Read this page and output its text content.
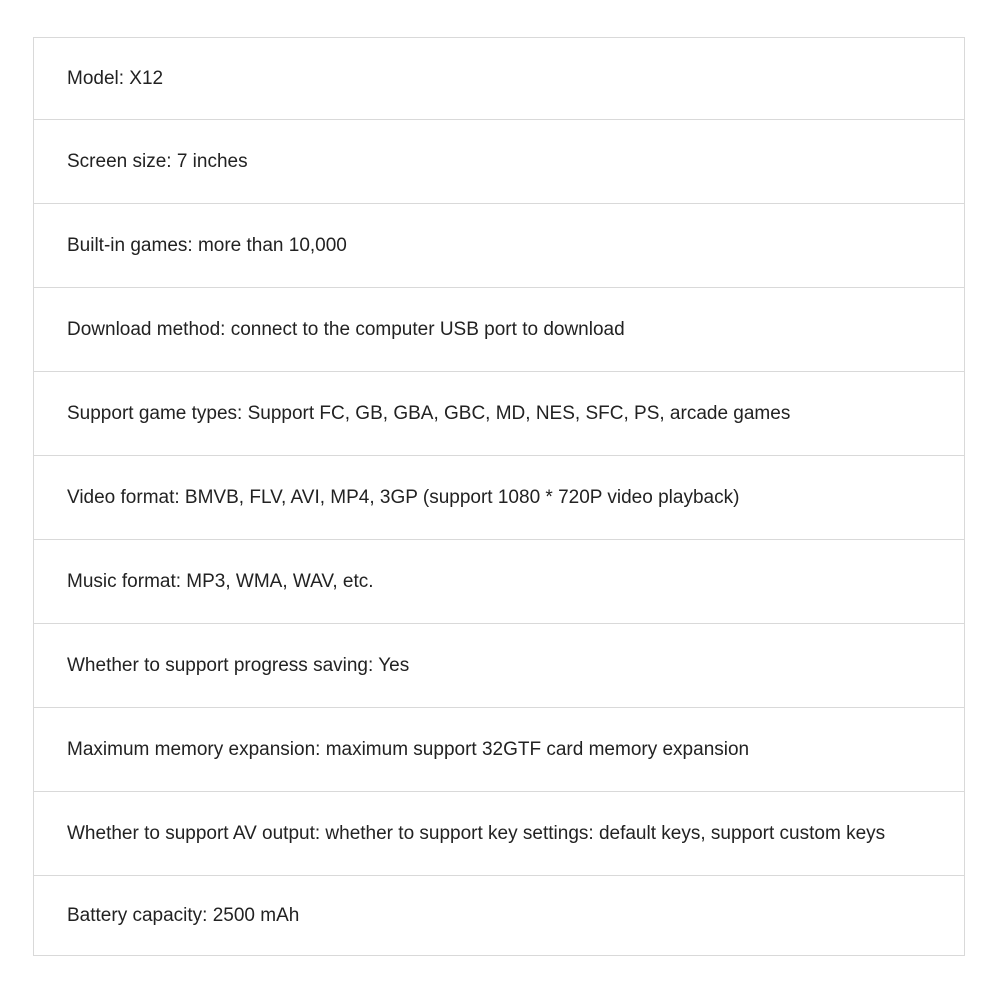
Model: X12
Screen size: 7 inches
Built-in games: more than 10,000
Download method: connect to the computer USB port to download
Support game types: Support FC, GB, GBA, GBC, MD, NES, SFC, PS, arcade games
Video format: BMVB, FLV, AVI, MP4, 3GP (support 1080 * 720P video playback)
Music format: MP3, WMA, WAV, etc.
Whether to support progress saving: Yes
Maximum memory expansion: maximum support 32GTF card memory expansion
Whether to support AV output: whether to support key settings: default keys, support custom keys
Battery capacity: 2500 mAh
